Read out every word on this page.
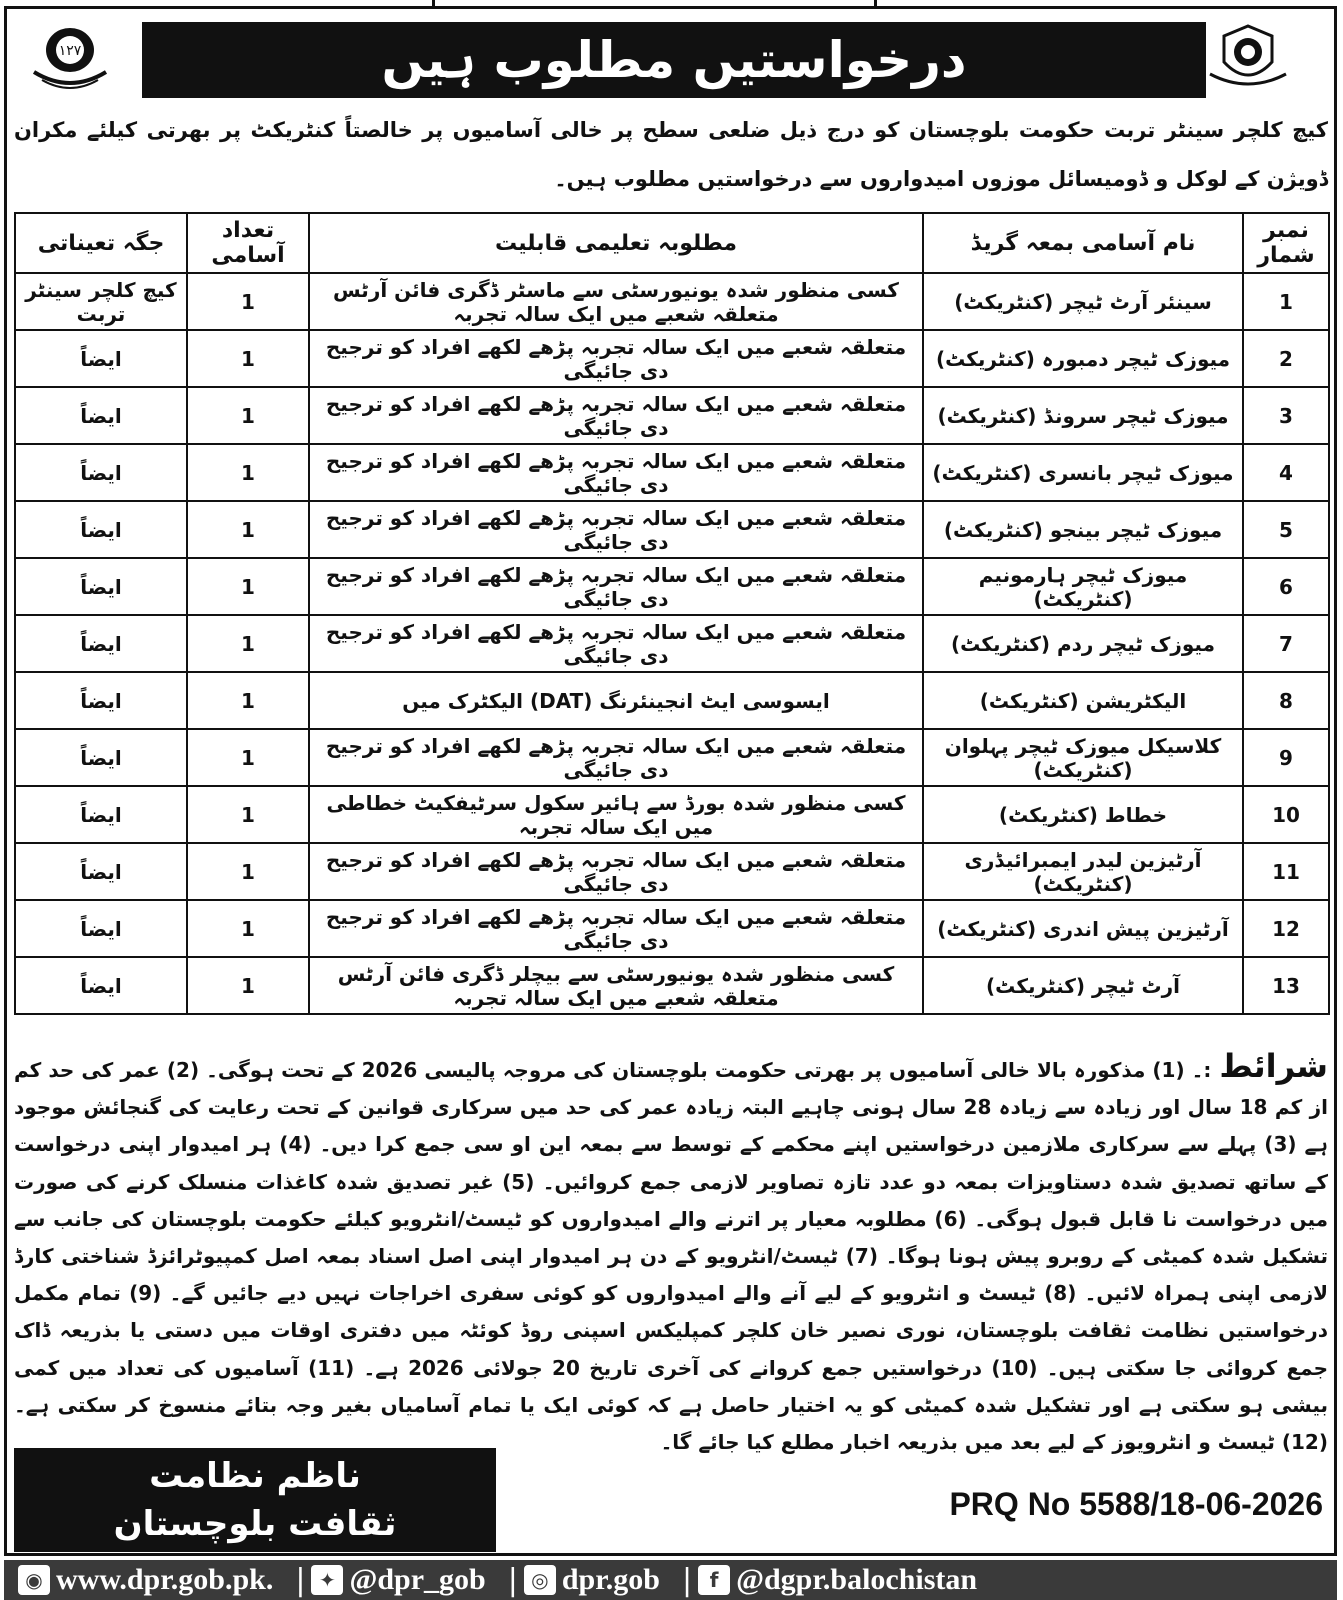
۱۲۷	درخواستیں مطلوب ہیں
کیچ کلچر سینٹر تربت حکومت بلوچستان کو درج ذیل ضلعی سطح پر خالی آسامیوں پر خالصتاً کنٹریکٹ پر بھرتی کیلئے مکران ڈویژن کے لوکل و ڈومیسائل موزوں امیدواروں سے درخواستیں مطلوب ہیں۔
نمبر شمار	نام آسامی بمعہ گریڈ	مطلوبہ تعلیمی قابلیت	تعداد آسامی	جگہ تعیناتی
1	سینئر آرٹ ٹیچر (کنٹریکٹ)	کسی منظور شدہ یونیورسٹی سے ماسٹر ڈگری فائن آرٹس متعلقہ شعبے میں ایک سالہ تجربہ	1	کیچ کلچر سینٹر تربت
2	میوزک ٹیچر دمبورہ (کنٹریکٹ)	متعلقہ شعبے میں ایک سالہ تجربہ پڑھے لکھے افراد کو ترجیح دی جائیگی	1	ایضاً
3	میوزک ٹیچر سرونڈ (کنٹریکٹ)	متعلقہ شعبے میں ایک سالہ تجربہ پڑھے لکھے افراد کو ترجیح دی جائیگی	1	ایضاً
4	میوزک ٹیچر بانسری (کنٹریکٹ)	متعلقہ شعبے میں ایک سالہ تجربہ پڑھے لکھے افراد کو ترجیح دی جائیگی	1	ایضاً
5	میوزک ٹیچر بینجو (کنٹریکٹ)	متعلقہ شعبے میں ایک سالہ تجربہ پڑھے لکھے افراد کو ترجیح دی جائیگی	1	ایضاً
6	میوزک ٹیچر ہارمونیم (کنٹریکٹ)	متعلقہ شعبے میں ایک سالہ تجربہ پڑھے لکھے افراد کو ترجیح دی جائیگی	1	ایضاً
7	میوزک ٹیچر ردم (کنٹریکٹ)	متعلقہ شعبے میں ایک سالہ تجربہ پڑھے لکھے افراد کو ترجیح دی جائیگی	1	ایضاً
8	الیکٹریشن (کنٹریکٹ)	ایسوسی ایٹ انجینئرنگ (DAT) الیکٹرک میں	1	ایضاً
9	کلاسیکل میوزک ٹیچر پہلوان (کنٹریکٹ)	متعلقہ شعبے میں ایک سالہ تجربہ پڑھے لکھے افراد کو ترجیح دی جائیگی	1	ایضاً
10	خطاط (کنٹریکٹ)	کسی منظور شدہ بورڈ سے ہائیر سکول سرٹیفکیٹ خطاطی میں ایک سالہ تجربہ	1	ایضاً
11	آرٹیزین لیدر ایمبرائیڈری (کنٹریکٹ)	متعلقہ شعبے میں ایک سالہ تجربہ پڑھے لکھے افراد کو ترجیح دی جائیگی	1	ایضاً
12	آرٹیزین پیش اندری (کنٹریکٹ)	متعلقہ شعبے میں ایک سالہ تجربہ پڑھے لکھے افراد کو ترجیح دی جائیگی	1	ایضاً
13	آرٹ ٹیچر (کنٹریکٹ)	کسی منظور شدہ یونیورسٹی سے بیچلر ڈگری فائن آرٹس متعلقہ شعبے میں ایک سالہ تجربہ	1	ایضاً
شرائط:۔ (1) مذکورہ بالا خالی آسامیوں پر بھرتی حکومت بلوچستان کی مروجہ پالیسی 2026 کے تحت ہوگی۔ (2) عمر کی حد کم از کم 18 سال اور زیادہ سے زیادہ 28 سال ہونی چاہیے البتہ زیادہ عمر کی حد میں سرکاری قوانین کے تحت رعایت کی گنجائش موجود ہے (3) پہلے سے سرکاری ملازمین درخواستیں اپنے محکمے کے توسط سے بمعہ این او سی جمع کرا دیں۔ (4) ہر امیدوار اپنی درخواست کے ساتھ تصدیق شدہ دستاویزات بمعہ دو عدد تازہ تصاویر لازمی جمع کروائیں۔ (5) غیر تصدیق شدہ کاغذات منسلک کرنے کی صورت میں درخواست نا قابل قبول ہوگی۔ (6) مطلوبہ معیار پر اترنے والے امیدواروں کو ٹیسٹ/انٹرویو کیلئے حکومت بلوچستان کی جانب سے تشکیل شدہ کمیٹی کے روبرو پیش ہونا ہوگا۔ (7) ٹیسٹ/انٹرویو کے دن ہر امیدوار اپنی اصل اسناد بمعہ اصل کمپیوٹرائزڈ شناختی کارڈ لازمی اپنی ہمراہ لائیں۔ (8) ٹیسٹ و انٹرویو کے لیے آنے والے امیدواروں کو کوئی سفری اخراجات نہیں دیے جائیں گے۔ (9) تمام مکمل درخواستیں نظامت ثقافت بلوچستان، نوری نصیر خان کلچر کمپلیکس اسپنی روڈ کوئٹہ میں دفتری اوقات میں دستی یا بذریعہ ڈاک جمع کروائی جا سکتی ہیں۔ (10) درخواستیں جمع کروانے کی آخری تاریخ 20 جولائی 2026 ہے۔ (11) آسامیوں کی تعداد میں کمی بیشی ہو سکتی ہے اور تشکیل شدہ کمیٹی کو یہ اختیار حاصل ہے کہ کوئی ایک یا تمام آسامیاں بغیر وجہ بتائے منسوخ کر سکتی ہے۔ (12) ٹیسٹ و انٹرویوز کے لیے بعد میں بذریعہ اخبار مطلع کیا جائے گا۔
ناظم نظامت
ثقافت بلوچستان	PRQ No 5588/18-06-2026
◉ www.dpr.gob.pk. | ✦ @dpr_gob | ◎ dpr.gob | f @dgpr.balochistan
